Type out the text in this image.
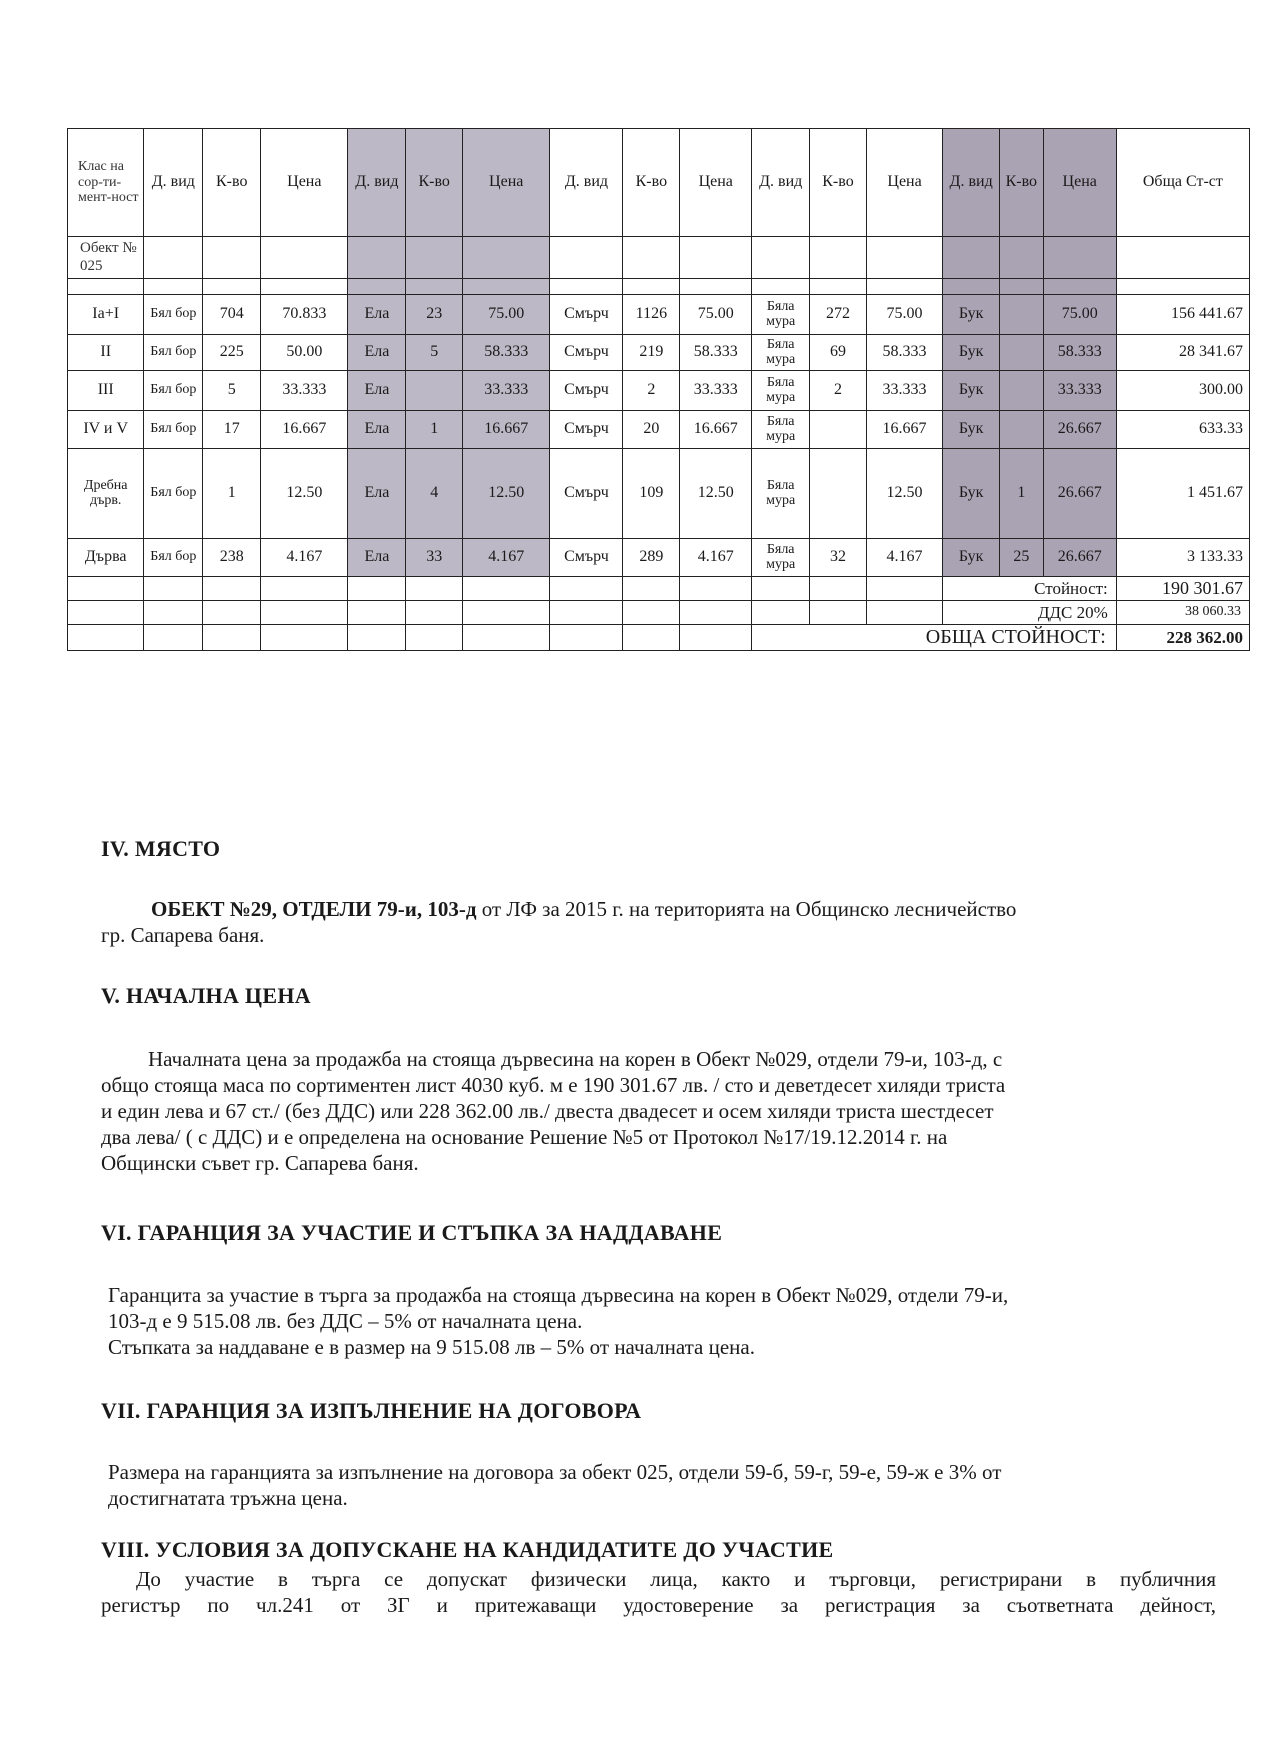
Клас на сор-ти-мент-ност	Д. вид	К-во	Цена	Д. вид	К-во	Цена	Д. вид	К-во	Цена	Д. вид	К-во	Цена	Д. вид	К-во	Цена	Обща Ст-ст
Обект № 025																

Ia+I	Бял бор	704	70.833	Ела	23	75.00	Смърч	1126	75.00	Бяла мура	272	75.00	Бук		75.00	156 441.67
II	Бял бор	225	50.00	Ела	5	58.333	Смърч	219	58.333	Бяла мура	69	58.333	Бук		58.333	28 341.67
III	Бял бор	5	33.333	Ела		33.333	Смърч	2	33.333	Бяла мура	2	33.333	Бук		33.333	300.00
IV и V	Бял бор	17	16.667	Ела	1	16.667	Смърч	20	16.667	Бяла мура		16.667	Бук		26.667	633.33
Дребна дърв.	Бял бор	1	12.50	Ела	4	12.50	Смърч	109	12.50	Бяла мура		12.50	Бук	1	26.667	1 451.67
Дърва	Бял бор	238	4.167	Ела	33	4.167	Смърч	289	4.167	Бяла мура	32	4.167	Бук	25	26.667	3 133.33
													Стойност:			190 301.67
													ДДС 20%			38 060.33
										ОБЩА СТОЙНОСТ:						228 362.00
IV. МЯСТО
ОБЕКТ №29, ОТДЕЛИ 79-и, 103-д от ЛФ за 2015 г. на територията на Общинско лесничейство
гр. Сапарева баня.
V. НАЧАЛНА ЦЕНА
Началната цена за продажба на стояща дървесина на корен в Обект №029, отдели 79-и, 103-д, с
общо стояща маса по сортиментен лист 4030 куб. м е 190 301.67 лв. / сто и деветдесет хиляди триста
и един лева и 67 ст./ (без ДДС) или 228 362.00 лв./ двеста двадесет и осем хиляди триста шестдесет
два лева/ ( с ДДС) и е определена на основание Решение №5 от Протокол №17/19.12.2014 г. на
Общински съвет гр. Сапарева баня.
VI. ГАРАНЦИЯ ЗА УЧАСТИЕ И СТЪПКА ЗА НАДДАВАНЕ
Гаранцита за участие в търга за продажба на стояща дървесина на корен в Обект №029, отдели 79-и,
103-д е 9 515.08 лв. без ДДС – 5% от началната цена.
Стъпката за наддаване е в размер на 9 515.08 лв – 5% от началната цена.
VII. ГАРАНЦИЯ ЗА ИЗПЪЛНЕНИЕ НА ДОГОВОРА
Размера на гаранцията за изпълнение на договора за обект 025, отдели 59-б, 59-г, 59-е, 59-ж е 3% от
достигнатата тръжна цена.
VIII. УСЛОВИЯ ЗА ДОПУСКАНЕ НА КАНДИДАТИТЕ ДО УЧАСТИЕ
До участие в търга се допускат физически лица, както и търговци, регистрирани в публичния
регистър по чл.241 от ЗГ и притежаващи удостоверение за регистрация за съответната дейност,
